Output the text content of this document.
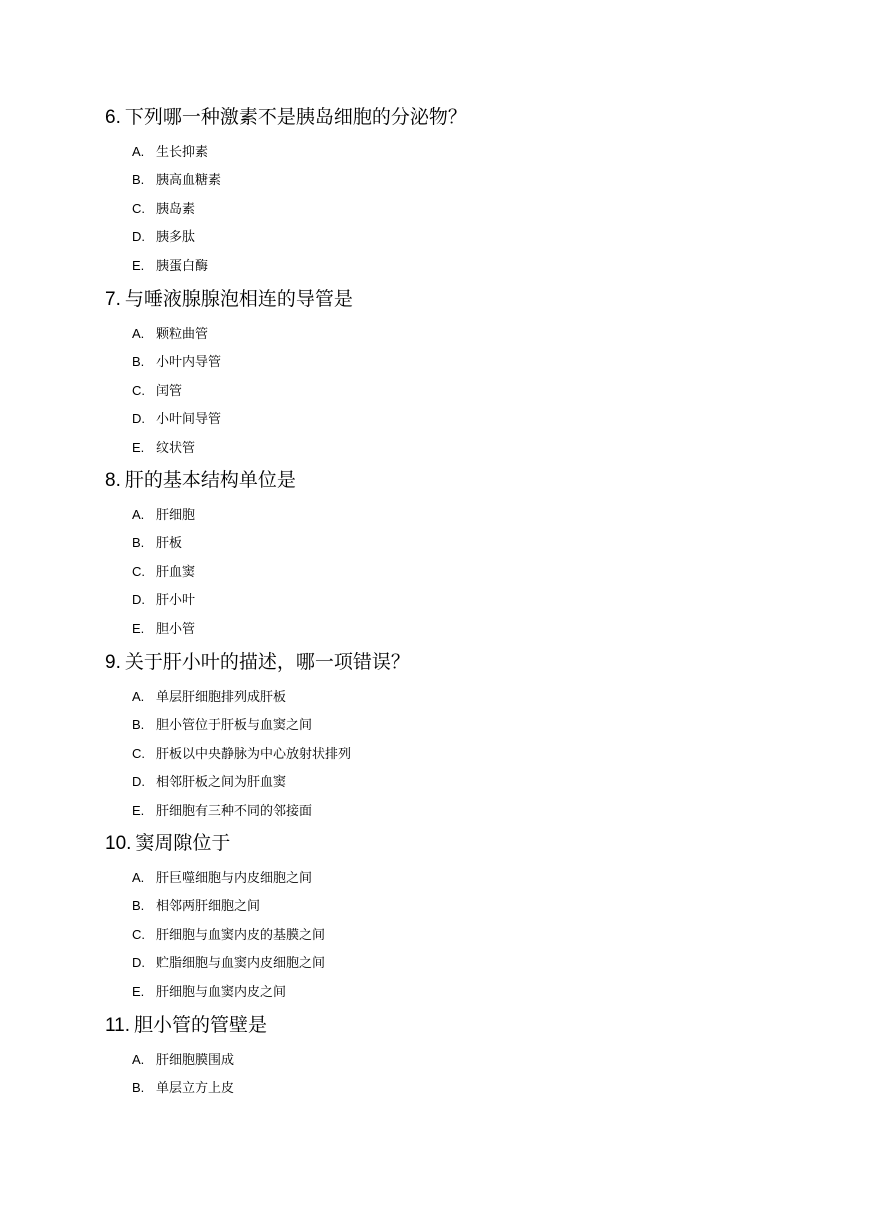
6. 下列哪一种激素不是胰岛细胞的分泌物？
A. 生长抑素
B. 胰高血糖素
C. 胰岛素
D. 胰多肽
E. 胰蛋白酶
7. 与唾液腺腺泡相连的导管是
A. 颗粒曲管
B. 小叶内导管
C. 闰管
D. 小叶间导管
E. 纹状管
8. 肝的基本结构单位是
A. 肝细胞
B. 肝板
C. 肝血窦
D. 肝小叶
E. 胆小管
9. 关于肝小叶的描述，哪一项错误？
A. 单层肝细胞排列成肝板
B. 胆小管位于肝板与血窦之间
C. 肝板以中央静脉为中心放射状排列
D. 相邻肝板之间为肝血窦
E. 肝细胞有三种不同的邻接面
10. 窦周隙位于
A. 肝巨噬细胞与内皮细胞之间
B. 相邻两肝细胞之间
C. 肝细胞与血窦内皮的基膜之间
D. 贮脂细胞与血窦内皮细胞之间
E. 肝细胞与血窦内皮之间
11. 胆小管的管壁是
A. 肝细胞膜围成
B. 单层立方上皮
